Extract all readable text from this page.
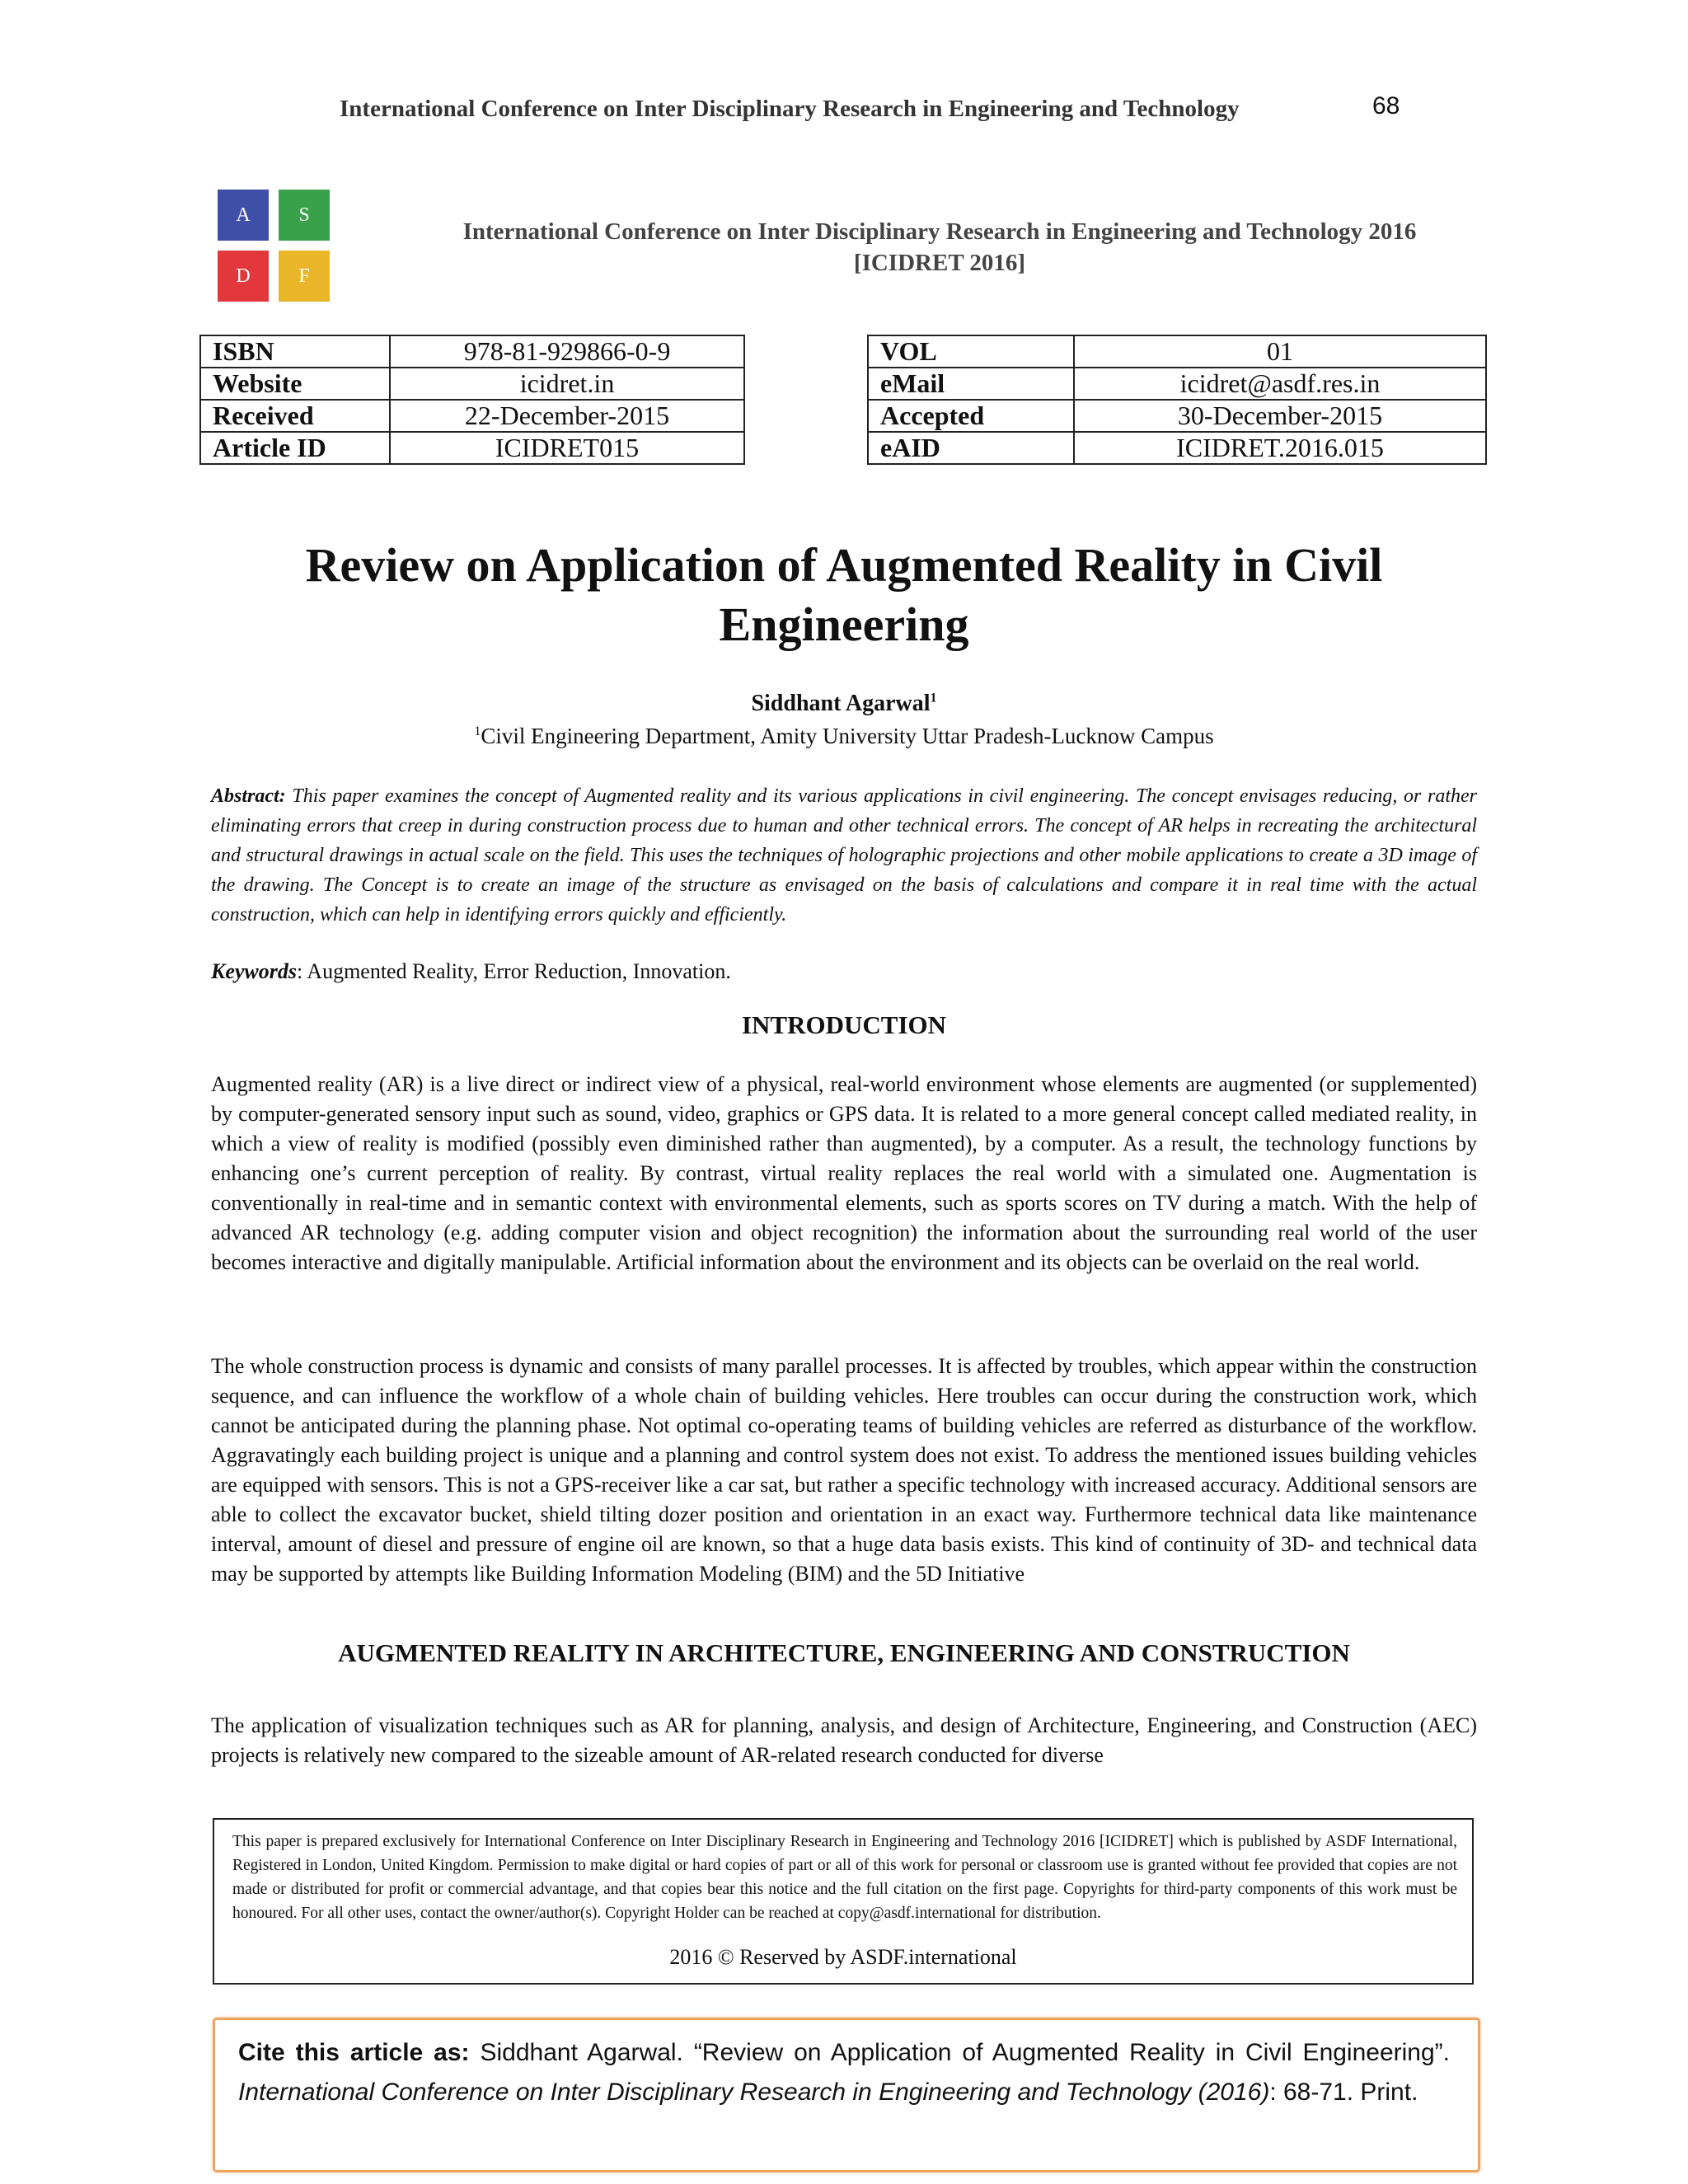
International Conference on Inter Disciplinary Research in Engineering and Technology	68
A S
D F
International Conference on Inter Disciplinary Research in Engineering and Technology 2016
[ICIDRET 2016]
ISBN	978-81-929866-0-9
Website	icidret.in
Received	22-December-2015
Article ID	ICIDRET015
VOL	01
eMail	icidret@asdf.res.in
Accepted	30-December-2015
eAID	ICIDRET.2016.015
Review on Application of Augmented Reality in Civil
Engineering
Siddhant Agarwal$^1$
$^1$Civil Engineering Department, Amity University Uttar Pradesh-Lucknow Campus
Abstract: This paper examines the concept of Augmented reality and its various applications in civil engineering. The concept envisages reducing, or rather eliminating errors that creep in during construction process due to human and other technical errors. The concept of AR helps in recreating the architectural and structural drawings in actual scale on the field. This uses the techniques of holographic projections and other mobile applications to create a 3D image of the drawing. The Concept is to create an image of the structure as envisaged on the basis of calculations and compare it in real time with the actual construction, which can help in identifying errors quickly and efficiently.
Keywords: Augmented Reality, Error Reduction, Innovation.
INTRODUCTION
Augmented reality (AR) is a live direct or indirect view of a physical, real-world environment whose elements are augmented (or supplemented) by computer-generated sensory input such as sound, video, graphics or GPS data. It is related to a more general concept called mediated reality, in which a view of reality is modified (possibly even diminished rather than augmented), by a computer. As a result, the technology functions by enhancing one’s current perception of reality. By contrast, virtual reality replaces the real world with a simulated one. Augmentation is conventionally in real-time and in semantic context with environmental elements, such as sports scores on TV during a match. With the help of advanced AR technology (e.g. adding computer vision and object recognition) the information about the surrounding real world of the user becomes interactive and digitally manipulable. Artificial information about the environment and its objects can be overlaid on the real world.
The whole construction process is dynamic and consists of many parallel processes. It is affected by troubles, which appear within the construction sequence, and can influence the workflow of a whole chain of building vehicles. Here troubles can occur during the construction work, which cannot be anticipated during the planning phase. Not optimal co-operating teams of building vehicles are referred as disturbance of the workflow. Aggravatingly each building project is unique and a planning and control system does not exist. To address the mentioned issues building vehicles are equipped with sensors. This is not a GPS-receiver like a car sat, but rather a specific technology with increased accuracy. Additional sensors are able to collect the excavator bucket, shield tilting dozer position and orientation in an exact way. Furthermore technical data like maintenance interval, amount of diesel and pressure of engine oil are known, so that a huge data basis exists. This kind of continuity of 3D- and technical data may be supported by attempts like Building Information Modeling (BIM) and the 5D Initiative
AUGMENTED REALITY IN ARCHITECTURE, ENGINEERING AND CONSTRUCTION
The application of visualization techniques such as AR for planning, analysis, and design of Architecture, Engineering, and Construction (AEC) projects is relatively new compared to the sizeable amount of AR-related research conducted for diverse
This paper is prepared exclusively for International Conference on Inter Disciplinary Research in Engineering and Technology 2016 [ICIDRET] which is published by ASDF International, Registered in London, United Kingdom. Permission to make digital or hard copies of part or all of this work for personal or classroom use is granted without fee provided that copies are not made or distributed for profit or commercial advantage, and that copies bear this notice and the full citation on the first page. Copyrights for third-party components of this work must be honoured. For all other uses, contact the owner/author(s). Copyright Holder can be reached at copy@asdf.international for distribution.
2016 © Reserved by ASDF.international
Cite this article as: Siddhant Agarwal. “Review on Application of Augmented Reality in Civil Engineering”. International Conference on Inter Disciplinary Research in Engineering and Technology (2016): 68-71. Print.
